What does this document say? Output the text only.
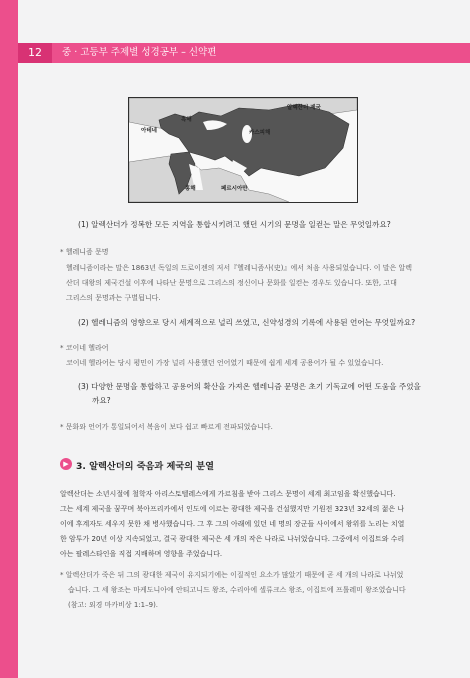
12	중 · 고등부 주제별 성경공부 – 신약편
알렉산더 제국
흑해
아테네	카스피해
홍해	페르시아만
(1) 알렉산더가 정복한 모든 지역을 통합시키려고 했던 시기의 문명을 일컫는 말은 무엇일까요?
* 헬레니즘 문명
헬레니즘이라는 말은 1863년 독일의 드로이젠의 저서『헬레니즘사(史)』에서 처음 사용되었습니다. 이 말은 알렉
산더 대왕의 제국건설 이후에 나타난 문명으로 그리스의 정신이나 문화를 일컫는 경우도 있습니다. 또한, 고대
그리스의 문명과는 구별됩니다.
(2) 헬레니즘의 영향으로 당시 세계적으로 널리 쓰였고, 신약성경의 기록에 사용된 언어는 무엇일까요?
* 코이네 헬라어
코이네 헬라어는 당시 평민이 가장 널리 사용했던 언어였기 때문에 쉽게 세계 공용어가 될 수 있었습니다.
(3) 다양한 문명을 통합하고 공용어의 확산을 가져온 헬레니즘 문명은 초기 기독교에 어떤 도움을 주었을
까요?
* 문화와 언어가 통일되어서 복음이 보다 쉽고 빠르게 전파되었습니다.
▶ 3. 알렉산더의 죽음과 제국의 분열
알렉산더는 소년시절에 철학자 아리스토텔레스에게 가르침을 받아 그리스 문명이 세계 최고임을 확신했습니다.
그는 세계 제국을 꿈꾸며 북아프리카에서 인도에 이르는 광대한 제국을 건설했지만 기원전 323년 32세의 젊은 나
이에 후계자도 세우지 못한 채 병사했습니다. 그 후 그의 아래에 있던 네 명의 장군들 사이에서 왕위를 노리는 치열
한 암투가 20년 이상 지속되었고, 결국 광대한 제국은 세 개의 작은 나라로 나뉘었습니다. 그중에서 이집트와 수리
아는 팔레스타인을 직접 지배하며 영향을 주었습니다.
* 알렉산더가 죽은 뒤 그의 광대한 제국이 유지되기에는 이질적인 요소가 많았기 때문에 곧 세 개의 나라로 나뉘었
습니다. 그 세 왕조는 마케도니아에 안티고니드 왕조, 수리아에 셀류크스 왕조, 이집트에 프톨레미 왕조였습니다
(참고: 외경 마카비상 1:1–9).
